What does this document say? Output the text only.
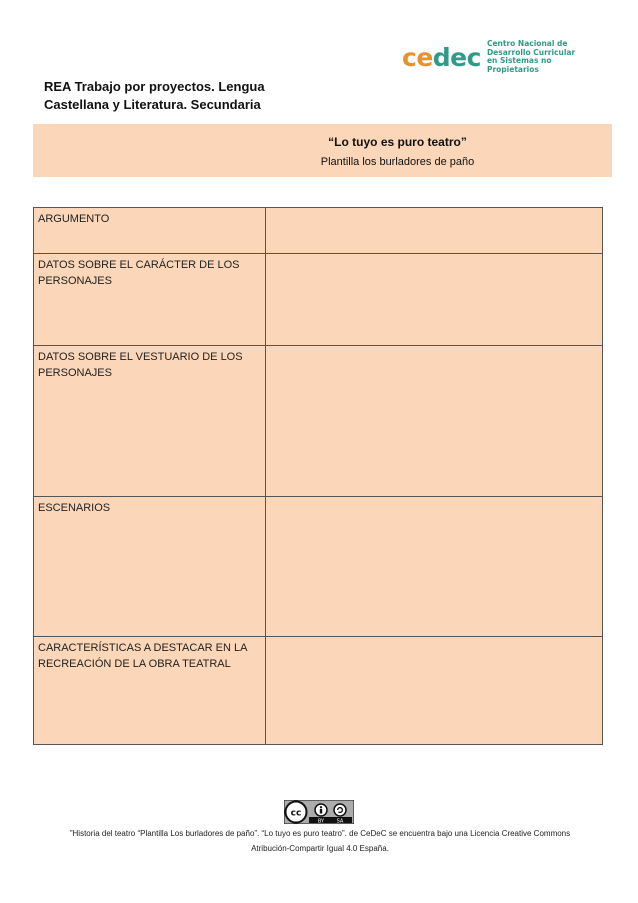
cedec Centro Nacional de
Desarrollo Curricular
en Sistemas no Propietarios
REA Trabajo por proyectos. Lengua
Castellana y Literatura. Secundaria
“Lo tuyo es puro teatro”
Plantilla los burladores de paño
ARGUMENTO	
DATOS SOBRE EL CARÁCTER DE LOS PERSONAJES	
DATOS SOBRE EL VESTUARIO DE LOS PERSONAJES	
ESCENARIOS	
CARACTERÍSTICAS A DESTACAR EN LA RECREACIÓN DE LA OBRA TEATRAL	
cc
BY	SA
”Historia del teatro “Plantilla Los burladores de paño”. “Lo tuyo es puro teatro”. de CeDeC se encuentra bajo una Licencia Creative Commons
Atribución-Compartir Igual 4.0 España.
